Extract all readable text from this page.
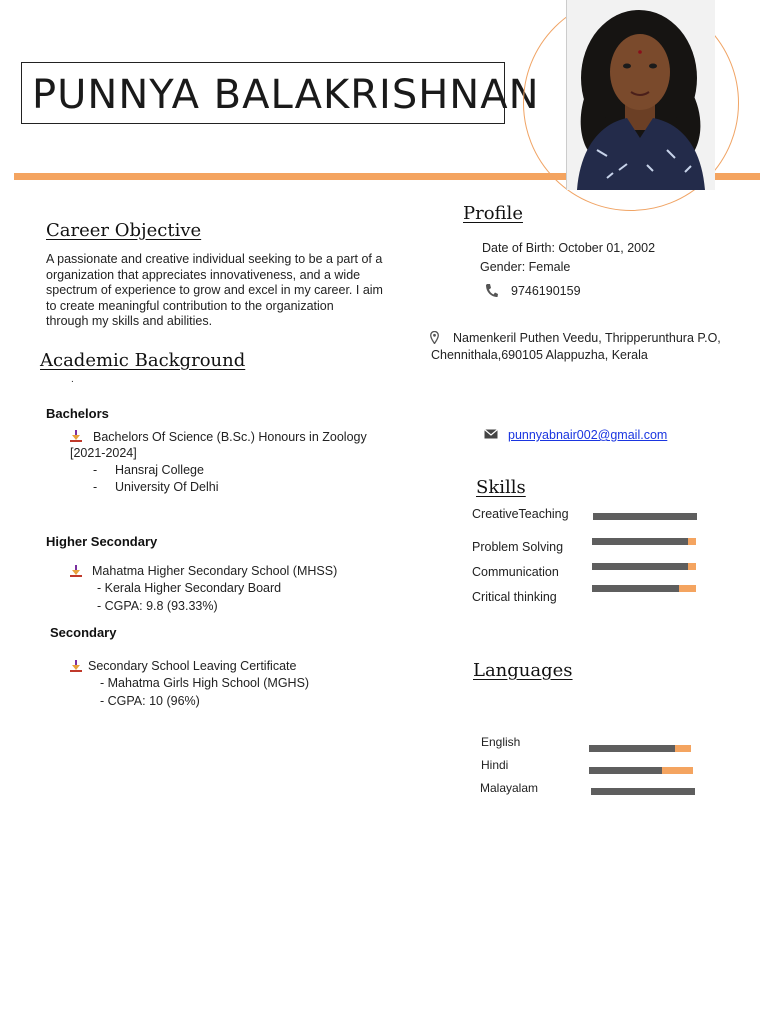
PUNNYA BALAKRISHNAN
Career Objective
A passionate and creative individual seeking to be a part of a
organization that appreciates innovativeness, and a wide
spectrum of experience to grow and excel in my career. I aim
to create meaningful contribution to the organization
through my skills and abilities.
Academic Background
.
Bachelors
Bachelors Of Science (B.Sc.) Honours in Zoology
[2021-2024]
- Hansraj College
- University Of Delhi
Higher Secondary
Mahatma Higher Secondary School (MHSS)
- Kerala Higher Secondary Board
- CGPA: 9.8 (93.33%)
Secondary
Secondary School Leaving Certificate
- Mahatma Girls High School (MGHS)
- CGPA: 10 (96%)
Profile
Date of Birth: October 01, 2002
Gender: Female
9746190159
Namenkeril Puthen Veedu, Thripperunthura P.O,
Chennithala,690105 Alappuzha, Kerala
punnyabnair002@gmail.com
Skills
CreativeTeaching
Problem Solving
Communication
Critical thinking
Languages
English
Hindi
Malayalam
